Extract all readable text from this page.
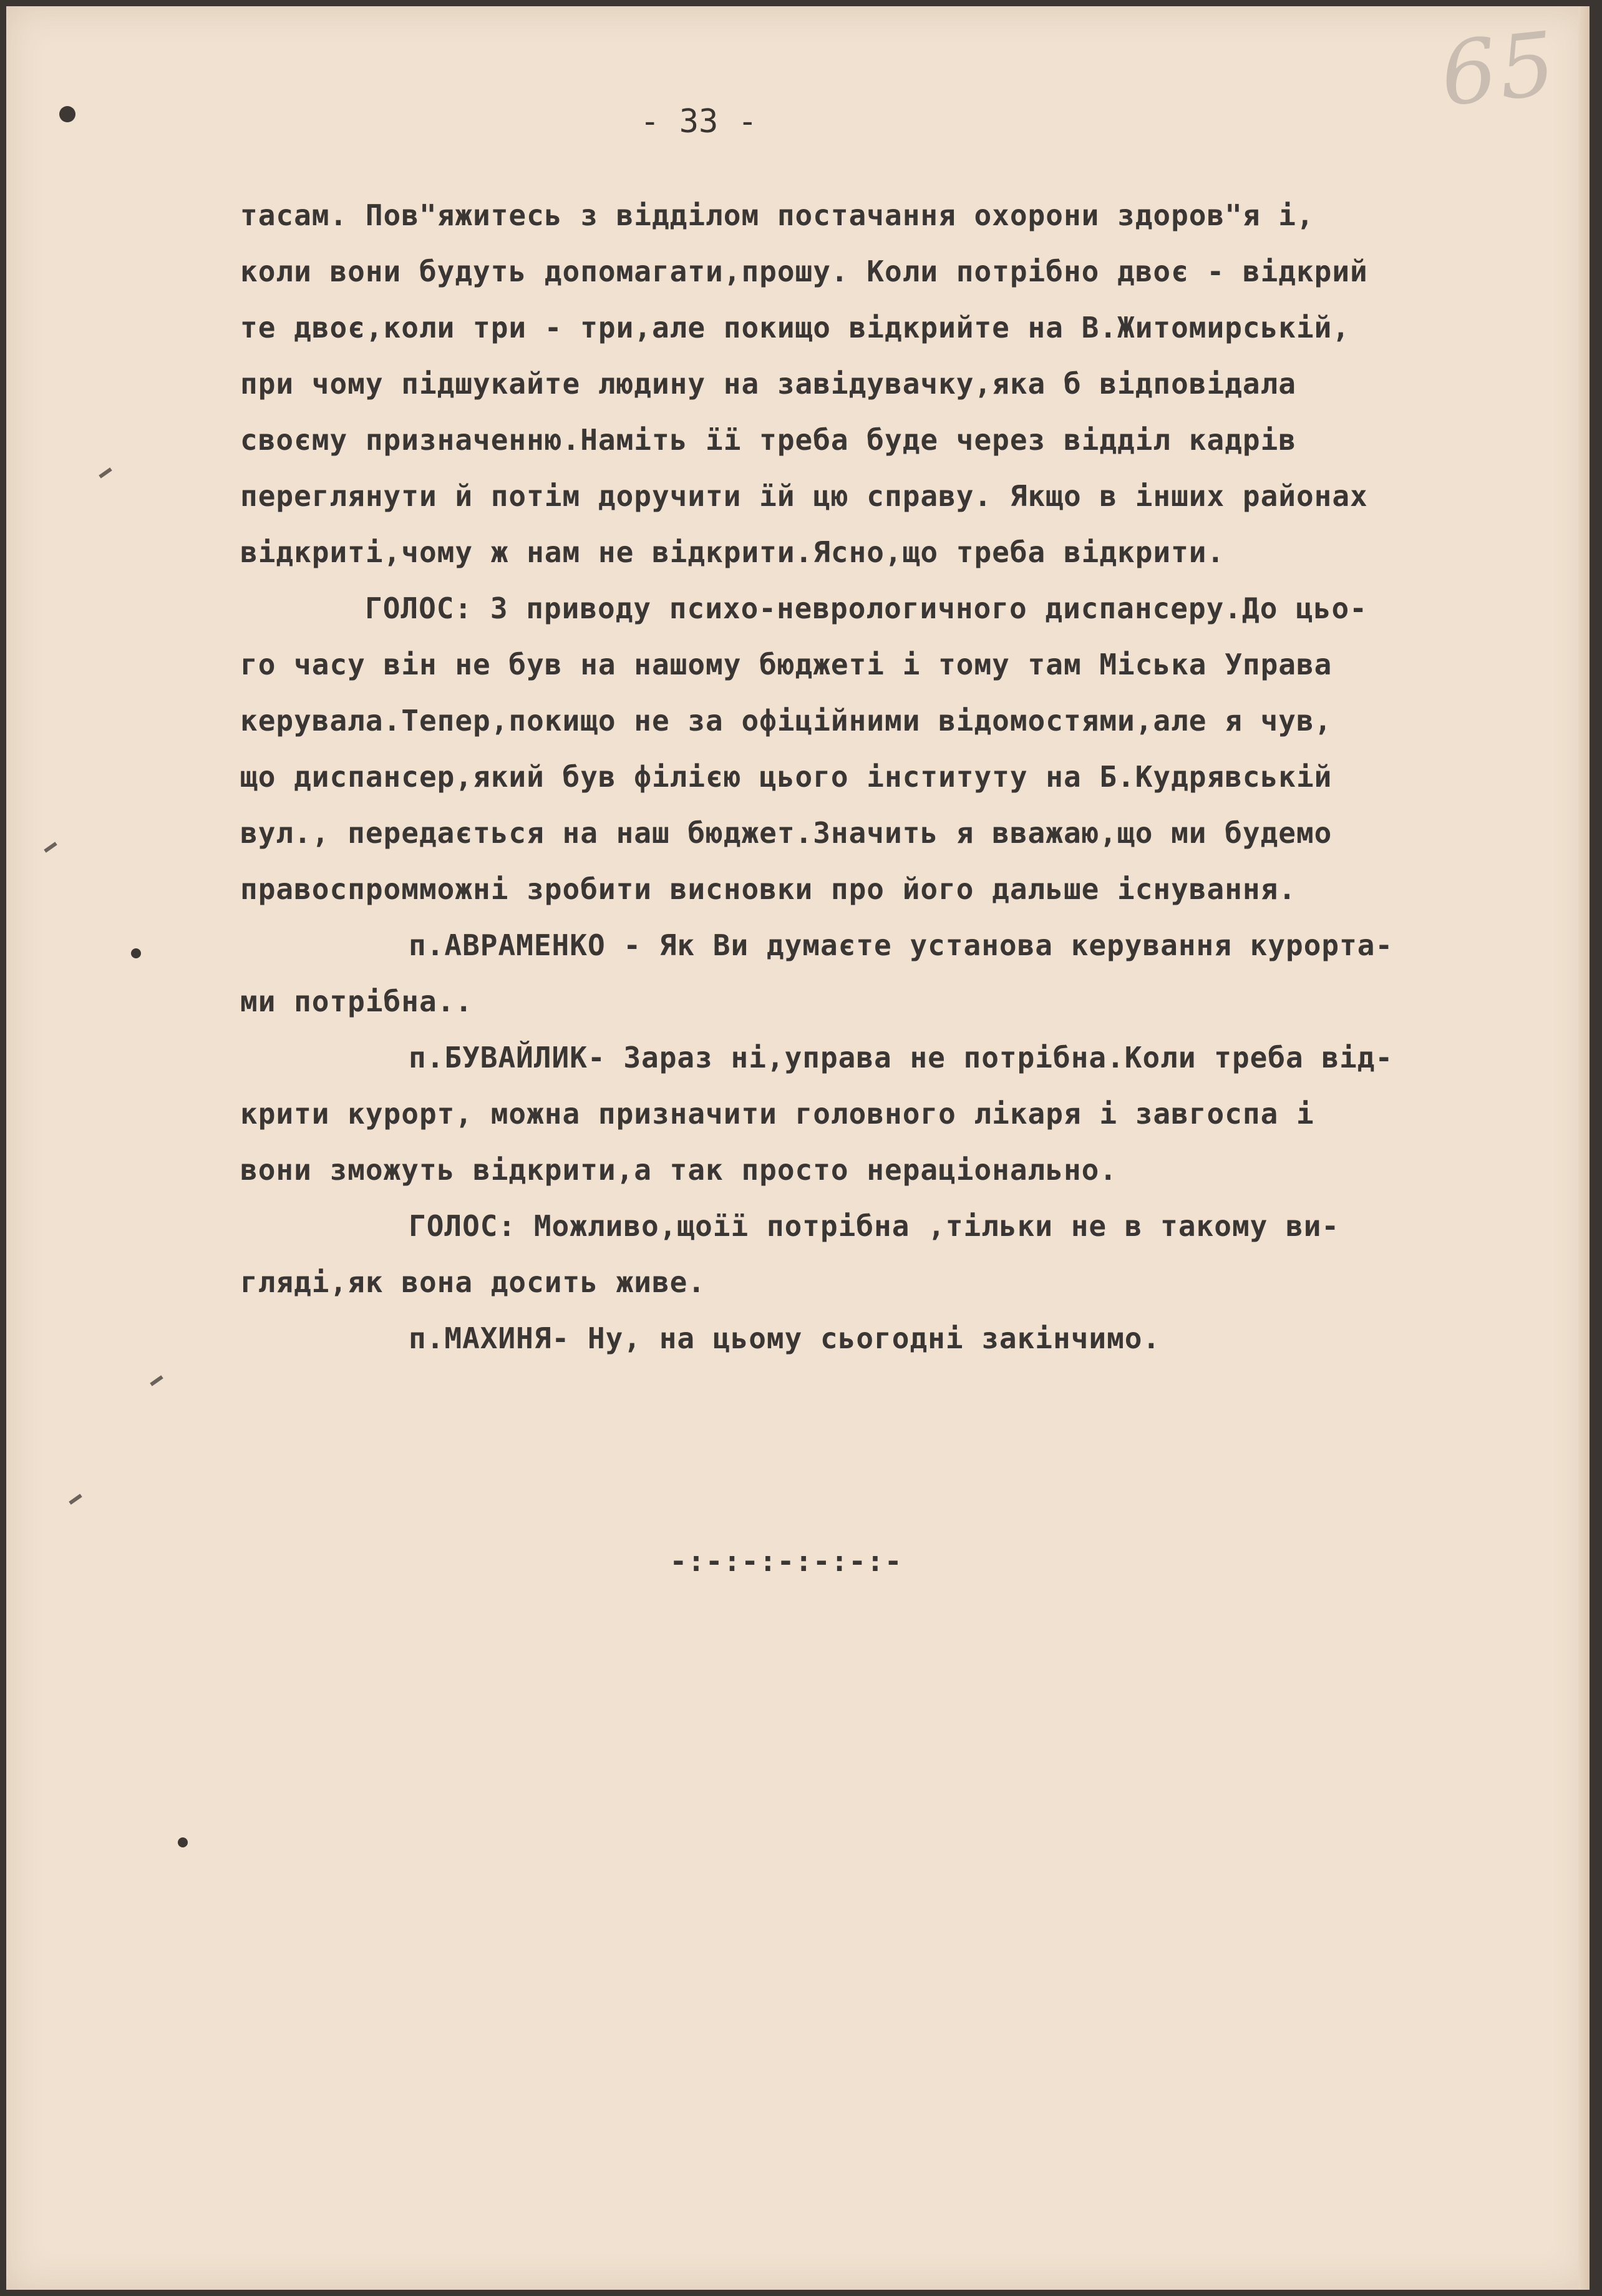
65
- 33 -
тасам. Пов"яжитесь з відділом постачання охорони здоров"я і,
коли вони будуть допомагати,прошу. Коли потрібно двоє - відкрий
те двоє,коли три - три,але покищо відкрийте на В.Житомирській,
при чому підшукайте людину на завідувачку,яка б відповідала
своєму призначенню.Наміть її треба буде через відділ кадрів
переглянути й потім доручити їй цю справу. Якщо в інших районах
відкриті,чому ж нам не відкрити.Ясно,що треба відкрити.
ГОЛОС: З приводу психо-неврологичного диспансеру.До цьо-
го часу він не був на нашому бюджеті і тому там Міська Управа
керувала.Тепер,покищо не за офіційними відомостями,але я чув,
що диспансер,який був філією цього інституту на Б.Кудрявській
вул., передається на наш бюджет.Значить я вважаю,що ми будемо
правоспромможні зробити висновки про його дальше існування.
п.АВРАМЕНКО - Як Ви думаєте установа керування курорта-
ми потрібна..
п.БУВАЙЛИК- Зараз ні,управа не потрібна.Коли треба від-
крити курорт, можна призначити головного лікаря і завгоспа і
вони зможуть відкрити,а так просто нераціонально.
ГОЛОС: Можливо,щоїї потрібна ,тільки не в такому ви-
гляді,як вона досить живе.
п.МАХИНЯ- Ну, на цьому сьогодні закінчимо.
-:-:-:-:-:-:-
